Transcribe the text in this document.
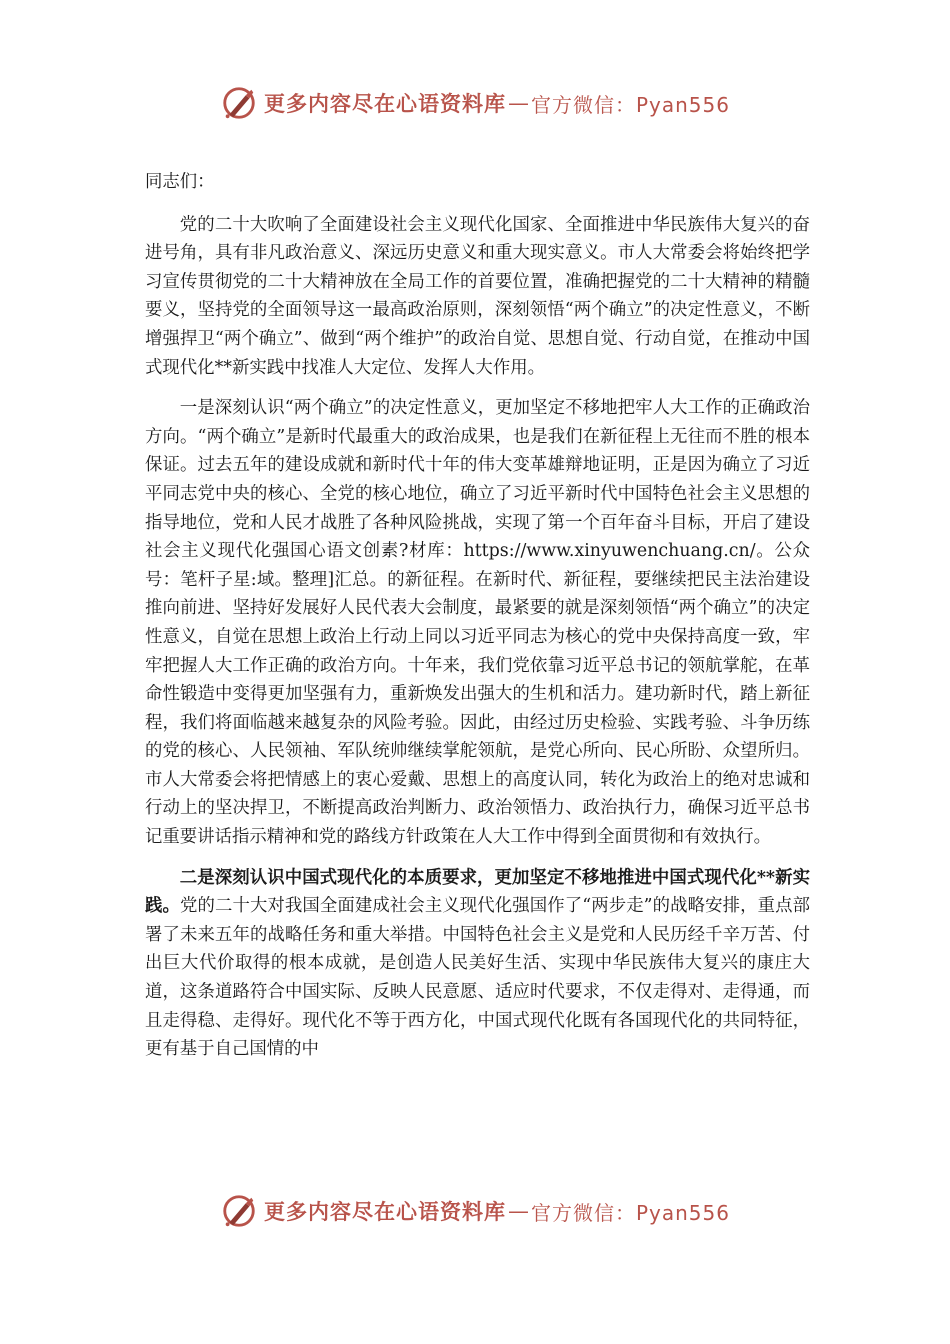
更多内容尽在心语资料库 — 官方微信：Pyan556

同志们：

党的二十大吹响了全面建设社会主义现代化国家、全面推进中华民族伟大复兴的奋进号角，具有非凡政治意义、深远历史意义和重大现实意义。市人大常委会将始终把学习宣传贯彻党的二十大精神放在全局工作的首要位置，准确把握党的二十大精神的精髓要义，坚持党的全面领导这一最高政治原则，深刻领悟“两个确立”的决定性意义，不断增强捍卫“两个确立”、做到“两个维护”的政治自觉、思想自觉、行动自觉，在推动中国式现代化**新实践中找准人大定位、发挥人大作用。

一是深刻认识“两个确立”的决定性意义，更加坚定不移地把牢人大工作的正确政治方向。“两个确立”是新时代最重大的政治成果，也是我们在新征程上无往而不胜的根本保证。过去五年的建设成就和新时代十年的伟大变革雄辩地证明，正是因为确立了习近平同志党中央的核心、全党的核心地位，确立了习近平新时代中国特色社会主义思想的指导地位，党和人民才战胜了各种风险挑战，实现了第一个百年奋斗目标，开启了建设社会主义现代化强国心语文创素?材库：https://www.xinyuwenchuang.cn/。公众号：笔杆子星:域。整理]汇总。的新征程。在新时代、新征程，要继续把民主法治建设推向前进、坚持好发展好人民代表大会制度，最紧要的就是深刻领悟“两个确立”的决定性意义，自觉在思想上政治上行动上同以习近平同志为核心的党中央保持高度一致，牢牢把握人大工作正确的政治方向。十年来，我们党依靠习近平总书记的领航掌舵，在革命性锻造中变得更加坚强有力，重新焕发出强大的生机和活力。建功新时代，踏上新征程，我们将面临越来越复杂的风险考验。因此，由经过历史检验、实践考验、斗争历练的党的核心、人民领袖、军队统帅继续掌舵领航，是党心所向、民心所盼、众望所归。市人大常委会将把情感上的衷心爱戴、思想上的高度认同，转化为政治上的绝对忠诚和行动上的坚决捍卫，不断提高政治判断力、政治领悟力、政治执行力，确保习近平总书记重要讲话指示精神和党的路线方针政策在人大工作中得到全面贯彻和有效执行。

二是深刻认识中国式现代化的本质要求，更加坚定不移地推进中国式现代化**新实践。党的二十大对我国全面建成社会主义现代化强国作了“两步走”的战略安排，重点部署了未来五年的战略任务和重大举措。中国特色社会主义是党和人民历经千辛万苦、付出巨大代价取得的根本成就，是创造人民美好生活、实现中华民族伟大复兴的康庄大道，这条道路符合中国实际、反映人民意愿、适应时代要求，不仅走得对、走得通，而且走得稳、走得好。现代化不等于西方化，中国式现代化既有各国现代化的共同特征，更有基于自己国情的中

更多内容尽在心语资料库 — 官方微信：Pyan556
